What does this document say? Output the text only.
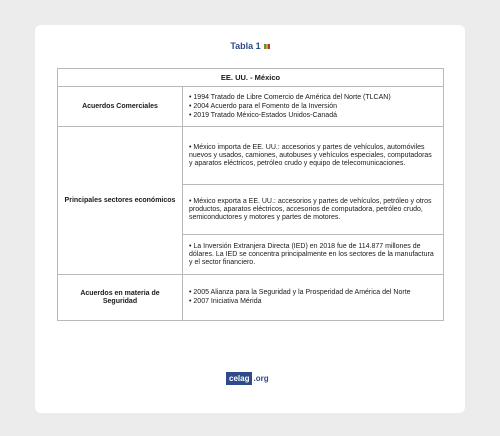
Tabla 1
EE. UU. - México	
Acuerdos Comerciales	• 1994 Tratado de Libre Comercio de América del Norte (TLCAN)
• 2004 Acuerdo para el Fomento de la Inversión
• 2019 Tratado México-Estados Unidos-Canadá

Principales sectores económicos	• México importa de EE. UU.: accesorios y partes de vehículos, automóviles nuevos y usados, camiones, autobuses y vehículos especiales, computadoras y aparatos eléctricos, petróleo crudo y equipo de telecomunicaciones.

	• México exporta a EE. UU.: accesorios y partes de vehículos, petróleo y otros productos, aparatos eléctricos, accesorios de computadora, petróleo crudo, semiconductores y motores y partes de motores.

	• La Inversión Extranjera Directa (IED) en 2018 fue de 114.877 millones de dólares. La IED se concentra principalmente en los sectores de la manufactura y el sector financiero.

Acuerdos en materia de Seguridad	• 2005 Alianza para la Seguridad y la Prosperidad de América del Norte
• 2007 Iniciativa Mérida
celag .org
